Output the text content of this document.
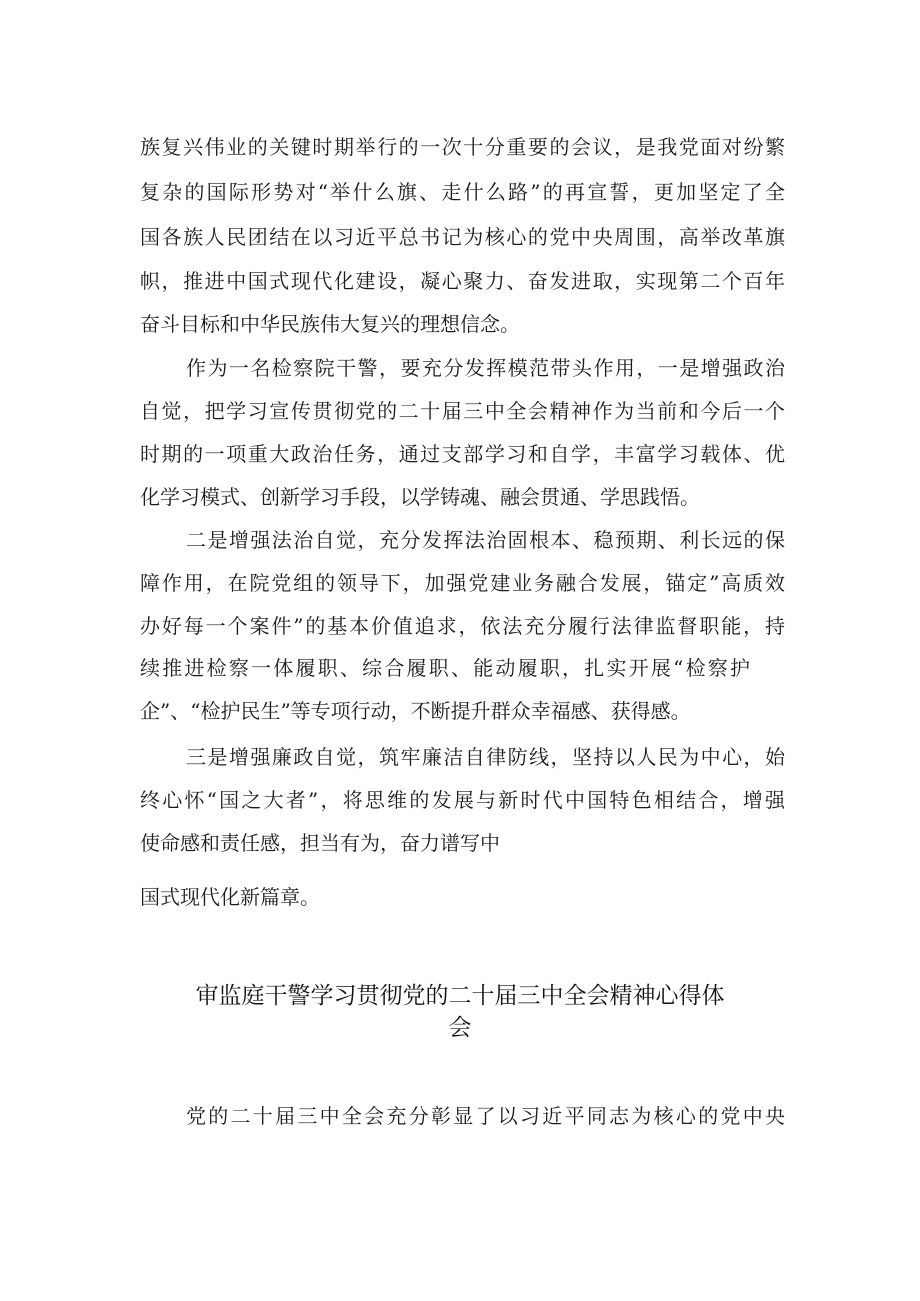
族复兴伟业的关键时期举行的一次十分重要的会议，是我党面对纷繁
复杂的国际形势对“举什么旗、走什么路”的再宣誓，更加坚定了全
国各族人民团结在以习近平总书记为核心的党中央周围，高举改革旗
帜，推进中国式现代化建设，凝心聚力、奋发进取，实现第二个百年
奋斗目标和中华民族伟大复兴的理想信念。
作为一名检察院干警，要充分发挥模范带头作用，一是增强政治
自觉，把学习宣传贯彻党的二十届三中全会精神作为当前和今后一个
时期的一项重大政治任务，通过支部学习和自学，丰富学习载体、优
化学习模式、创新学习手段，以学铸魂、融会贯通、学思践悟。
二是增强法治自觉，充分发挥法治固根本、稳预期、利长远的保
障作用，在院党组的领导下，加强党建业务融合发展，锚定”高质效
办好每一个案件”的基本价值追求，依法充分履行法律监督职能，持
续推进检察一体履职、综合履职、能动履职，扎实开展“检察护
企”、“检护民生”等专项行动，不断提升群众幸福感、获得感。
三是增强廉政自觉，筑牢廉洁自律防线，坚持以人民为中心，始
终心怀“国之大者”，将思维的发展与新时代中国特色相结合，增强
使命感和责任感，担当有为，奋力谱写中
国式现代化新篇章。
审监庭干警学习贯彻党的二十届三中全会精神心得体
会
党的二十届三中全会充分彰显了以习近平同志为核心的党中央
